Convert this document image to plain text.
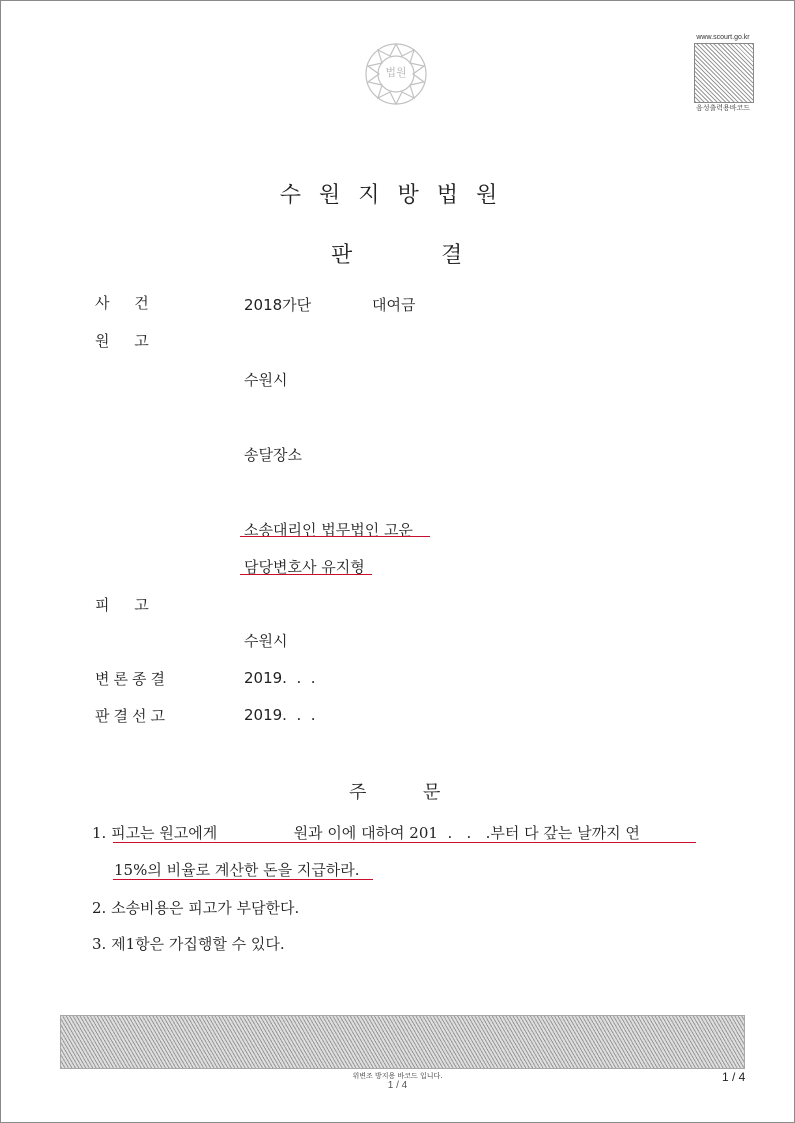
법원
www.scourt.go.kr
음성출력용바코드
수원지방법원
판	결
사 건	2018가단	대여금
원 고
수원시
송달장소
소송대리인 법무법인 고운
담당변호사 유지형
피 고
수원시
변론종결	2019.  .  .
판결선고	2019.  .  .
주	문
1. 피고는 원고에게                원과 이에 대하여 201  .   .   .부터 다 갚는 날까지 연
15%의 비율로 계산한 돈을 지급하라.
2. 소송비용은 피고가 부담한다.
3. 제1항은 가집행할 수 있다.
위변조 방지용 바코드 입니다.
1 / 4
1 / 4
